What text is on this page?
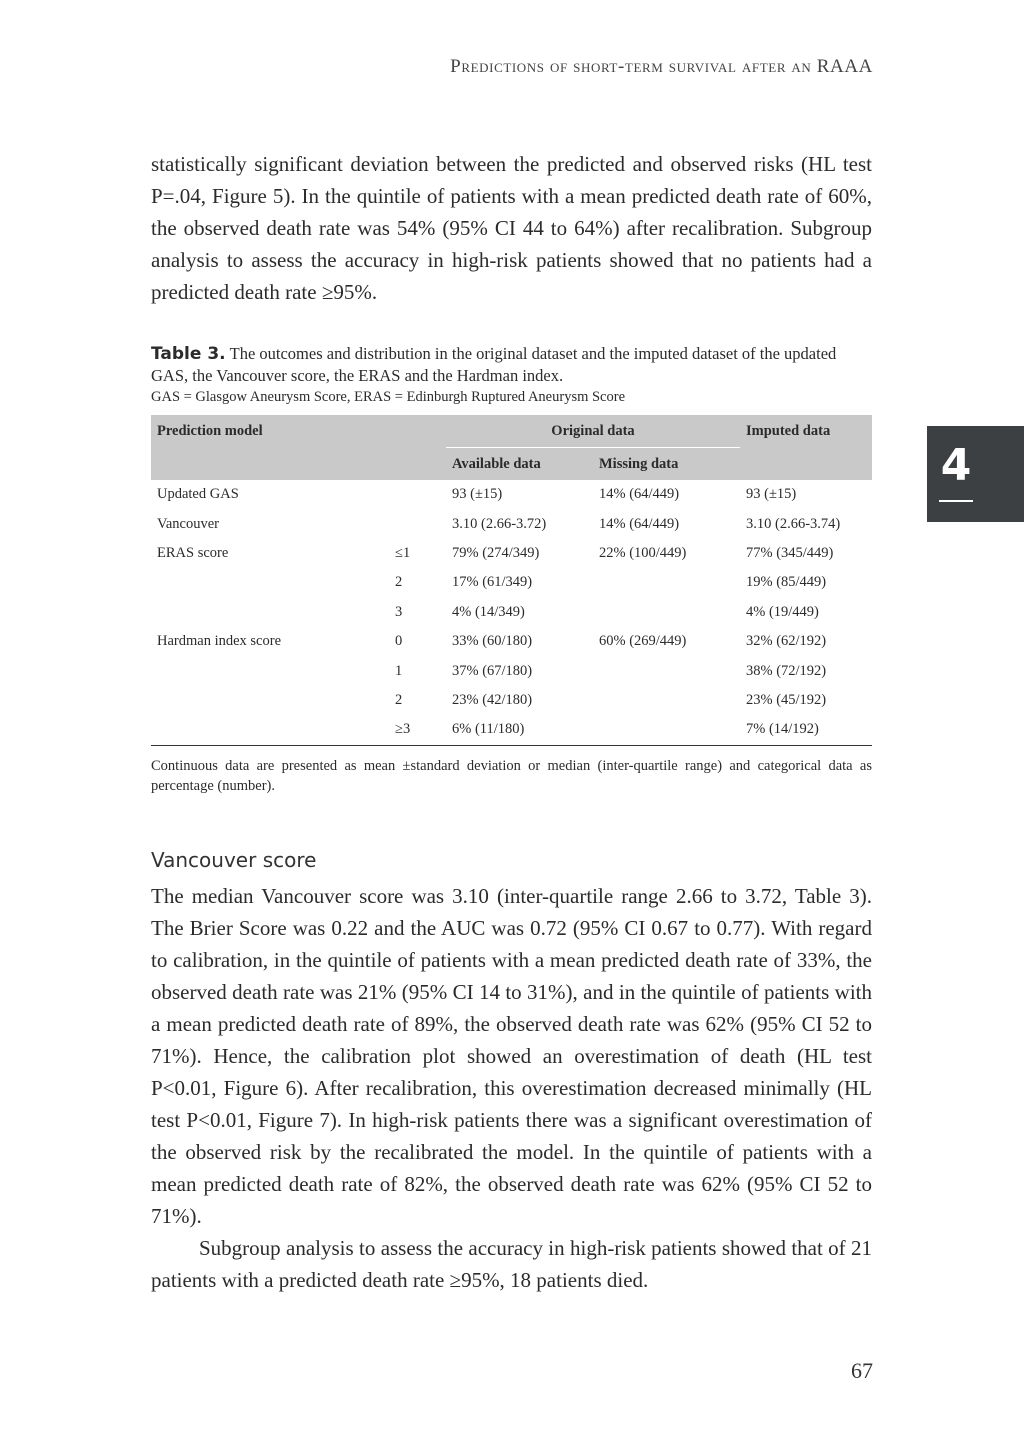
Predictions of short-term survival after an RAAA

statistically significant deviation between the predicted and observed risks (HL test P=.04, Figure 5). In the quintile of patients with a mean predicted death rate of 60%, the observed death rate was 54% (95% CI 44 to 64%) after recalibration. Subgroup analysis to assess the accuracy in high-risk patients showed that no patients had a predicted death rate ≥95%.

Table 3. The outcomes and distribution in the original dataset and the imputed dataset of the updated GAS, the Vancouver score, the ERAS and the Hardman index.
GAS = Glasgow Aneurysm Score, ERAS = Edinburgh Ruptured Aneurysm Score
Prediction model		Original data		Imputed data
		Available data	Missing data	
Updated GAS		93 (±15)	14% (64/449)	93 (±15)
Vancouver		3.10 (2.66-3.72)	14% (64/449)	3.10 (2.66-3.74)
ERAS score	≤1	79% (274/349)	22% (100/449)	77% (345/449)
	2	17% (61/349)		19% (85/449)
	3	4% (14/349)		4% (19/449)
Hardman index score	0	33% (60/180)	60% (269/449)	32% (62/192)
	1	37% (67/180)		38% (72/192)
	2	23% (42/180)		23% (45/192)
	≥3	6% (11/180)		7% (14/192)
Continuous data are presented as mean ±standard deviation or median (inter-quartile range) and categorical data as percentage (number).
Vancouver score

The median Vancouver score was 3.10 (inter-quartile range 2.66 to 3.72, Table 3). The Brier Score was 0.22 and the AUC was 0.72 (95% CI 0.67 to 0.77). With regard to calibration, in the quintile of patients with a mean predicted death rate of 33%, the observed death rate was 21% (95% CI 14 to 31%), and in the quintile of patients with a mean predicted death rate of 89%, the observed death rate was 62% (95% CI 52 to 71%). Hence, the calibration plot showed an overestimation of death (HL test P<0.01, Figure 6). After recalibration, this overestimation decreased minimally (HL test P<0.01, Figure 7). In high-risk patients there was a significant overestimation of the observed risk by the recalibrated the model. In the quintile of patients with a mean predicted death rate of 82%, the observed death rate was 62% (95% CI 52 to 71%).

Subgroup analysis to assess the accuracy in high-risk patients showed that of 21 patients with a predicted death rate ≥95%, 18 patients died.

4
67
